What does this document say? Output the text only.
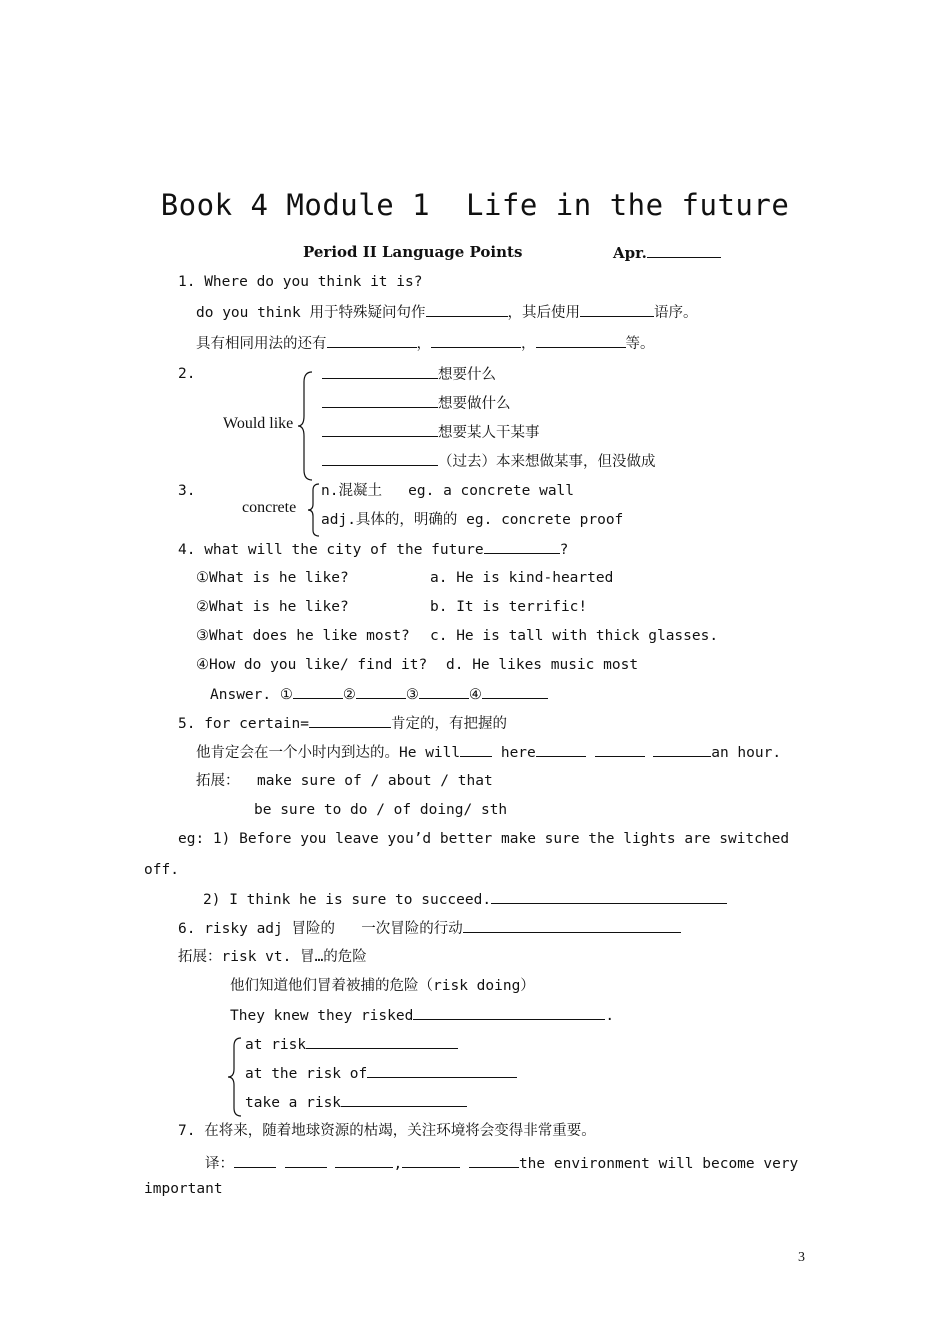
Book 4 Module 1  Life in the future
Period II Language Points	Apr.
1. Where do you think it is?
do you think 用于特殊疑问句作	，其后使用	语序。
具有相同用法的还有	，	，	等。
2.
Would like
想要什么
想要做什么
想要某人干某事
（过去）本来想做某事，但没做成
3.
concrete
n.混凝土   eg. a concrete wall
adj.具体的，明确的 eg. concrete proof
4. what will the city of the future	?
①What is he like?	a. He is kind-hearted
②What is he like?	b. It is terrific!
③What does he like most? c. He is tall with thick glasses.
④How do you like/ find it? d. He likes music most
Answer. ①	②	③	④
5. for certain=	肯定的，有把握的
他肯定会在一个小时内到达的。He will	here	an hour.
拓展： make sure of / about / that
be sure to do / of doing/ sth
eg: 1) Before you leave you’d better make sure the lights are switched
off.
2) I think he is sure to succeed.
6. risky adj 冒险的   一次冒险的行动
拓展：risk vt. 冒…的危险
他们知道他们冒着被捕的危险（risk doing）
They knew they risked	.
at risk
at the risk of
take a risk
7. 在将来，随着地球资源的枯竭，关注环境将会变得非常重要。
译：	,	the environment will become very
important
3
